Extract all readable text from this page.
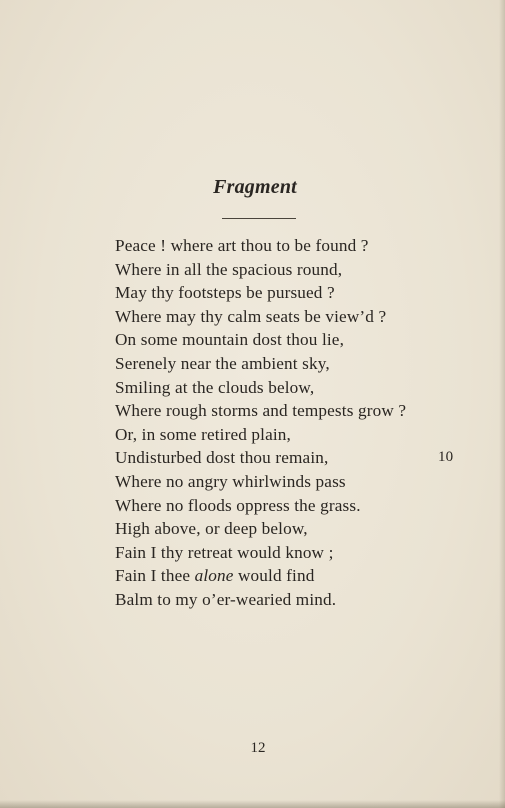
Fragment
Peace ! where art thou to be found ?
Where in all the spacious round,
May thy footsteps be pursued ?
Where may thy calm seats be view’d ?
On some mountain dost thou lie,
Serenely near the ambient sky,
Smiling at the clouds below,
Where rough storms and tempests grow ?
Or, in some retired plain,
Undisturbed dost thou remain,	10
Where no angry whirlwinds pass
Where no floods oppress the grass.
High above, or deep below,
Fain I thy retreat would know ;
Fain I thee alone would find
Balm to my o’er-wearied mind.
12
